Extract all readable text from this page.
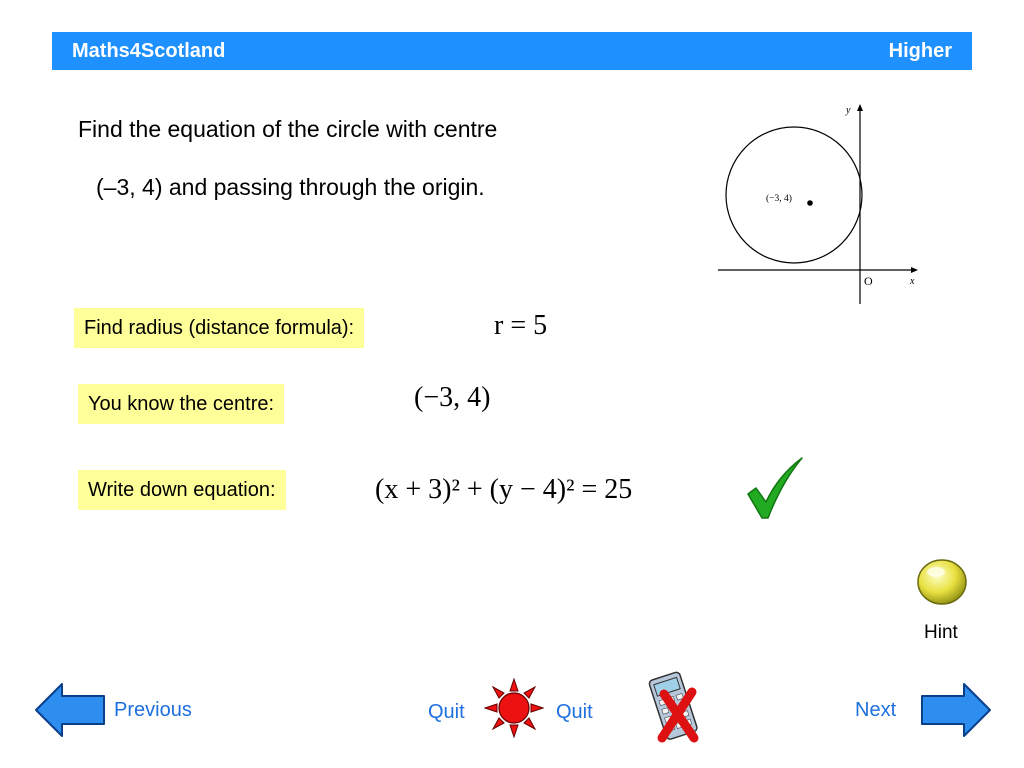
Maths4Scotland	Higher
Find the equation of the circle with centre
(–3, 4) and passing through the origin.	(−3, 4)
y
x
O
Find radius (distance formula):
You know the centre:
Write down equation:
r = 5
(−3, 4)
(x + 3)² + (y − 4)² = 25
Hint
Previous	Quit	Quit	Next
